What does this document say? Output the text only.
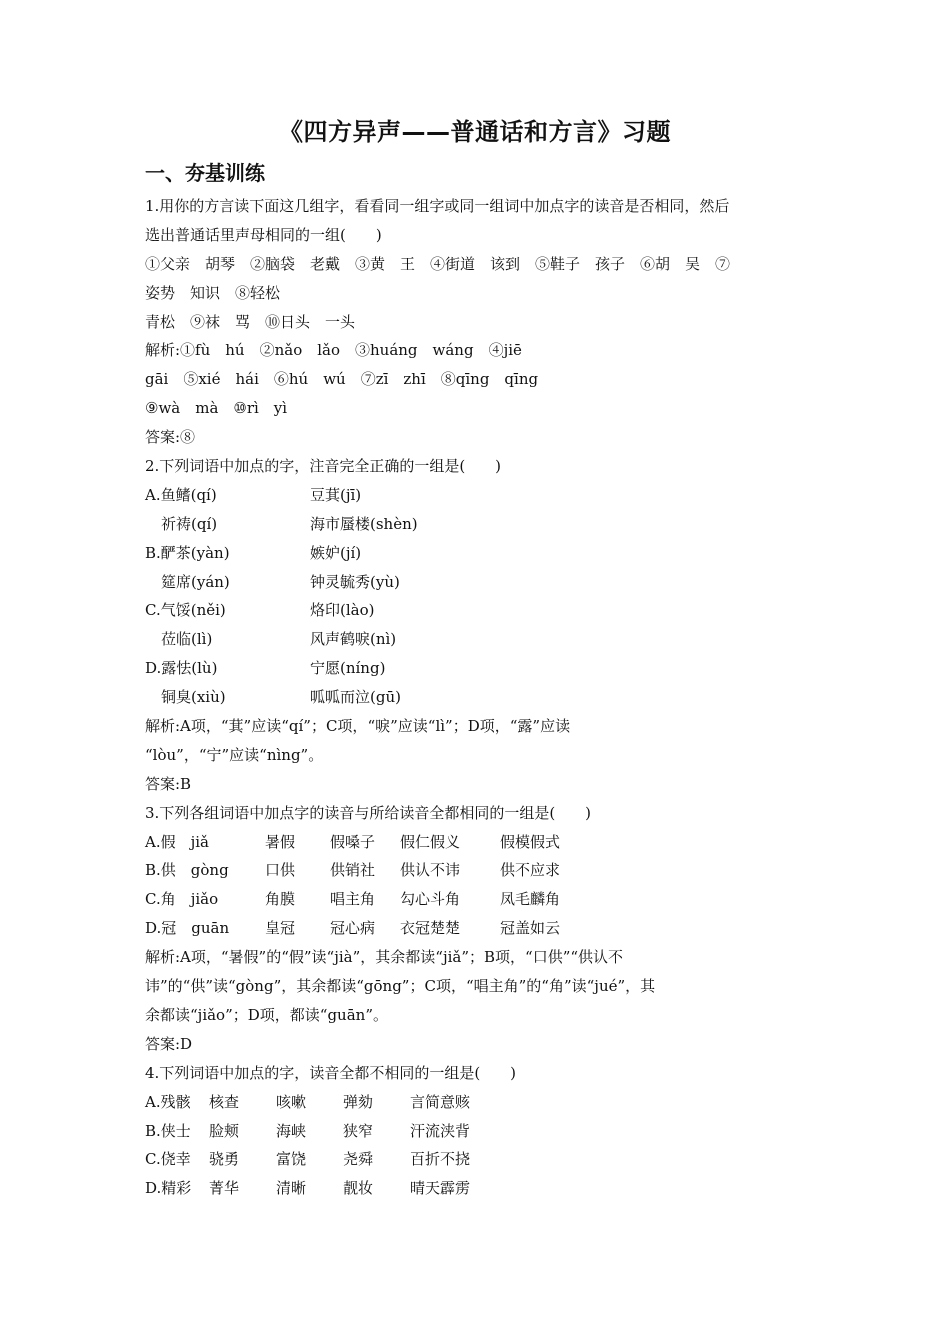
《四方异声——普通话和方言》习题
一、夯基训练
1.用你的方言读下面这几组字，看看同一组字或同一组词中加点字的读音是否相同，然后
选出普通话里声母相同的一组(　　)
①父亲　胡琴　②脑袋　老戴　③黄　王　④街道　该到　⑤鞋子　孩子　⑥胡　吴　⑦
姿势　知识　⑧轻松
青松　⑨袜　骂　⑩日头　一头
解析:①fù　hú　②nǎo　lǎo　③huáng　wáng　④jiē
gāi　⑤xié　hái　⑥hú　wú　⑦zī　zhī　⑧qīng　qīng
⑨wà　mà　⑩rì　yì
答案:⑧
2.下列词语中加点的字，注音完全正确的一组是(　　)
A.鱼鳍(qí)	豆萁(jī)
祈祷(qí)	海市蜃楼(shèn)
B.酽茶(yàn)	嫉妒(jí)
筵席(yán)	钟灵毓秀(yù)
C.气馁(něi)	烙印(lào)
莅临(lì)	风声鹤唳(nì)
D.露怯(lù)	宁愿(níng)
铜臭(xiù)	呱呱而泣(gū)
解析:A项，“萁”应读“qí”；C项，“唳”应读“lì”；D项，“露”应读
“lòu”，“宁”应读“nìng”。
答案:B
3.下列各组词语中加点字的读音与所给读音全都相同的一组是(　　)
A.假　jiǎ	暑假 假嗓子 假仁假义	假模假式
B.供　gòng 口供 供销社 供认不讳	供不应求
C.角　jiǎo	角膜 唱主角 勾心斗角	凤毛麟角
D.冠　guān 皇冠 冠心病 衣冠楚楚	冠盖如云
解析:A项，“暑假”的“假”读“jià”，其余都读“jiǎ”；B项，“口供”“供认不
讳”的“供”读“gòng”，其余都读“gōng”；C项，“唱主角”的“角”读“jué”，其
余都读“jiǎo”；D项，都读“guān”。
答案:D
4.下列词语中加点的字，读音全都不相同的一组是(　　)
A.残骸 核查 咳嗽 弹劾 言简意赅
B.侠士 脸颊 海峡 狭窄 汗流浃背
C.侥幸 骁勇 富饶 尧舜 百折不挠
D.精彩 菁华 清晰 靓妆 晴天霹雳
